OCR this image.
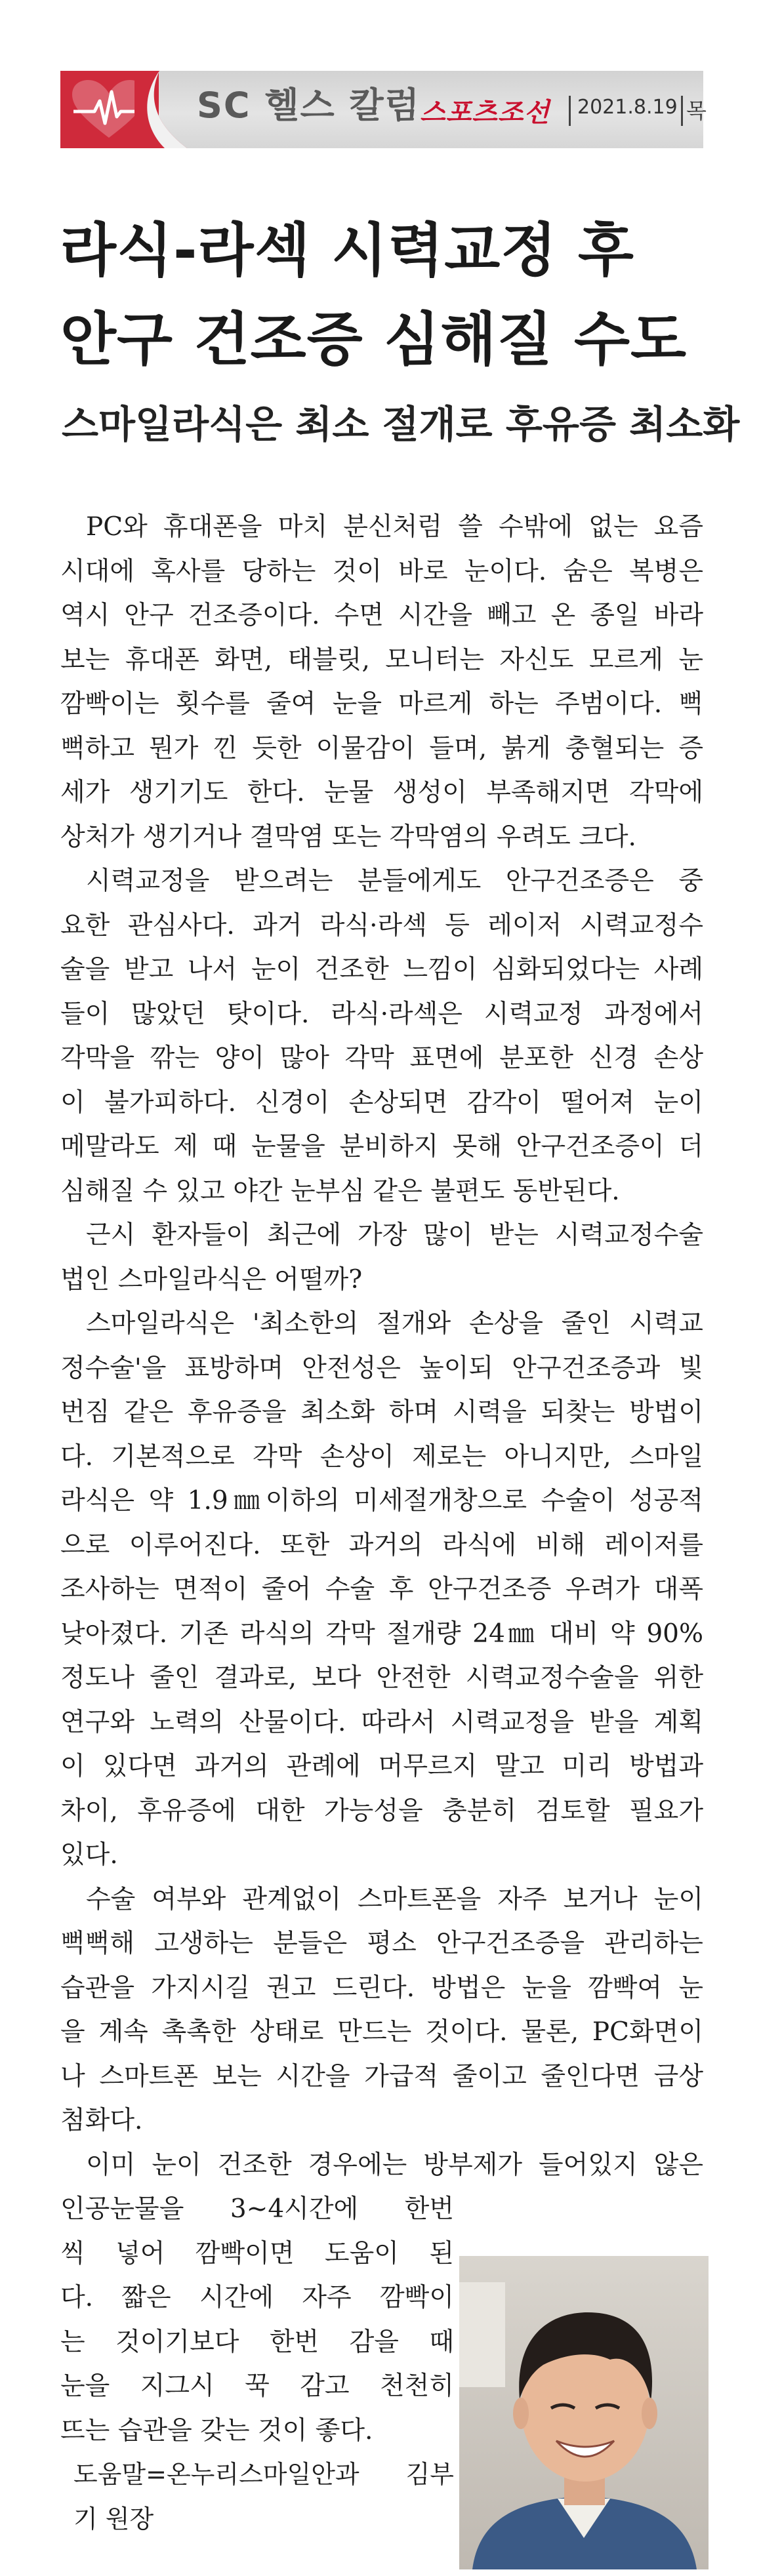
SC 헬스 칼럼 스포츠조선 2021.8.19 목
라식-라섹 시력교정 후
안구 건조증 심해질 수도
스마일라식은 최소 절개로 후유증 최소화
PC와 휴대폰을 마치 분신처럼 쓸 수밖에 없는 요즘
시대에 혹사를 당하는 것이 바로 눈이다. 숨은 복병은
역시 안구 건조증이다. 수면 시간을 빼고 온 종일 바라
보는 휴대폰 화면, 태블릿, 모니터는 자신도 모르게 눈
깜빡이는 횟수를 줄여 눈을 마르게 하는 주범이다. 뻑
뻑하고 뭔가 낀 듯한 이물감이 들며, 붉게 충혈되는 증
세가 생기기도 한다. 눈물 생성이 부족해지면 각막에
상처가 생기거나 결막염 또는 각막염의 우려도 크다.
시력교정을 받으려는 분들에게도 안구건조증은 중
요한 관심사다. 과거 라식·라섹 등 레이저 시력교정수
술을 받고 나서 눈이 건조한 느낌이 심화되었다는 사례
들이 많았던 탓이다. 라식·라섹은 시력교정 과정에서
각막을 깎는 양이 많아 각막 표면에 분포한 신경 손상
이 불가피하다. 신경이 손상되면 감각이 떨어져 눈이
메말라도 제 때 눈물을 분비하지 못해 안구건조증이 더
심해질 수 있고 야간 눈부심 같은 불편도 동반된다.
근시 환자들이 최근에 가장 많이 받는 시력교정수술
법인 스마일라식은 어떨까?
스마일라식은 '최소한의 절개와 손상을 줄인 시력교
정수술'을 표방하며 안전성은 높이되 안구건조증과 빛
번짐 같은 후유증을 최소화 하며 시력을 되찾는 방법이
다. 기본적으로 각막 손상이 제로는 아니지만, 스마일
라식은 약 1.9㎜이하의 미세절개창으로 수술이 성공적
으로 이루어진다. 또한 과거의 라식에 비해 레이저를
조사하는 면적이 줄어 수술 후 안구건조증 우려가 대폭
낮아졌다. 기존 라식의 각막 절개량 24㎜ 대비 약 90%
정도나 줄인 결과로, 보다 안전한 시력교정수술을 위한
연구와 노력의 산물이다. 따라서 시력교정을 받을 계획
이 있다면 과거의 관례에 머무르지 말고 미리 방법과
차이, 후유증에 대한 가능성을 충분히 검토할 필요가
있다.
수술 여부와 관계없이 스마트폰을 자주 보거나 눈이
뻑뻑해 고생하는 분들은 평소 안구건조증을 관리하는
습관을 가지시길 권고 드린다. 방법은 눈을 깜빡여 눈
을 계속 촉촉한 상태로 만드는 것이다. 물론, PC화면이
나 스마트폰 보는 시간을 가급적 줄이고 줄인다면 금상
첨화다.
이미 눈이 건조한 경우에는 방부제가 들어있지 않은
인공눈물을 3~4시간에 한번
씩 넣어 깜빡이면 도움이 된
다. 짧은 시간에 자주 깜빡이
는 것이기보다 한번 감을 때
눈을 지그시 꾹 감고 천천히
뜨는 습관을 갖는 것이 좋다.
도움말=온누리스마일안과 김부
기 원장
